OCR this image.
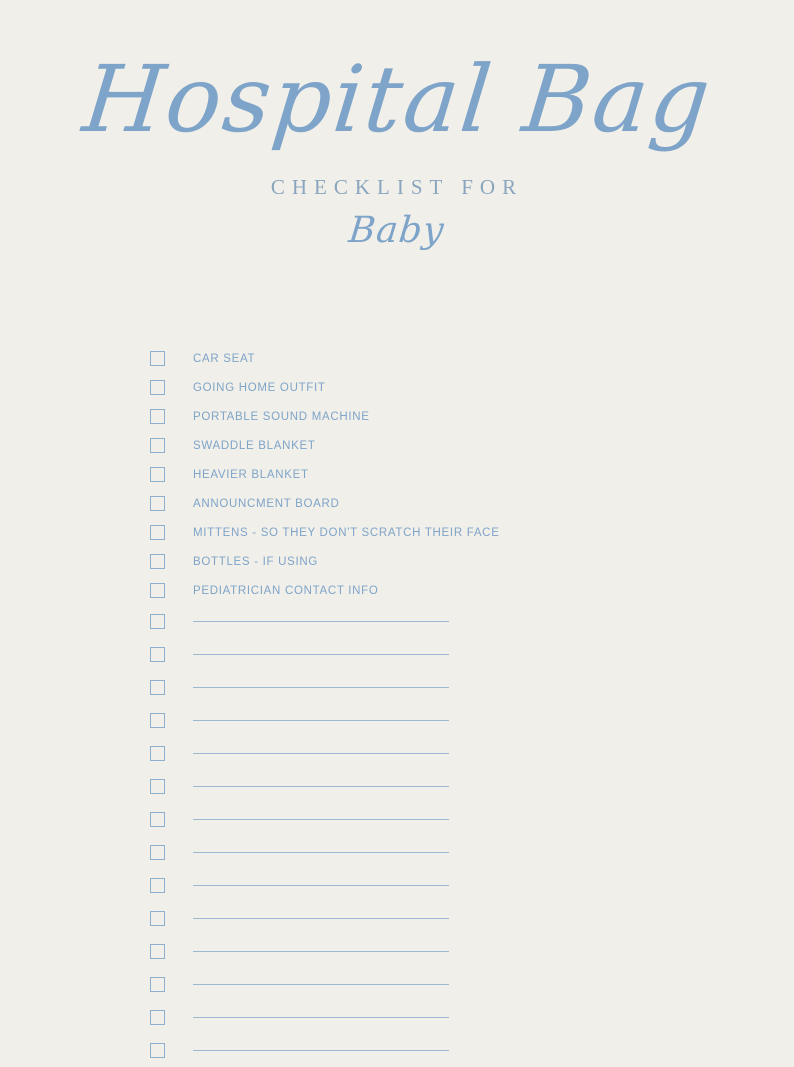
Hospital Bag
CHECKLIST FOR
Baby
CAR SEAT
GOING HOME OUTFIT
PORTABLE SOUND MACHINE
SWADDLE BLANKET
HEAVIER BLANKET
ANNOUNCMENT BOARD
MITTENS - SO THEY DON'T SCRATCH THEIR FACE
BOTTLES - IF USING
PEDIATRICIAN CONTACT INFO
